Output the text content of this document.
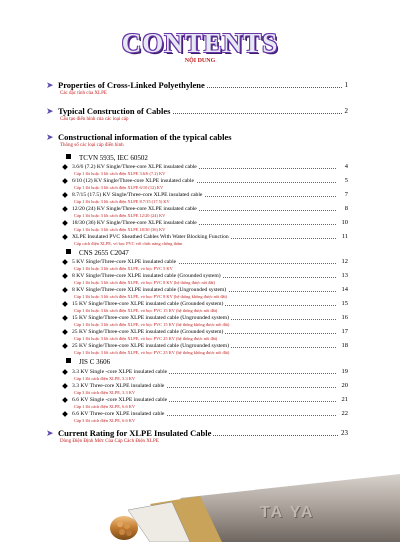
CONTENTS
NỘI DUNG
➤ Properties of Cross-Linked Polyethylene	1
Các đặc tính của XLPE
➤ Typical Construction of Cables	2
Cấu tạo điển hình của các loại cáp
➤ Constructional information of the typical cables
Thông số các loại cáp điển hình
TCVN 5935, IEC 60502
3.6/6 (7.2) KV Single/Three-core XLPE insulated cable	4
Cáp 1 lõi hoặc 3 lõi cách điện XLPE 3.6/6 (7.2) KV
6/10 (12) KV Single/Three-core XLPE insulated cable	5
Cáp 1 lõi hoặc 3 lõi cách điện XLPE 6/10 (12) KV
8.7/15 (17.5) KV Single/Three-core XLPE insulated cable	7
Cáp 1 lõi hoặc 3 lõi cách điện XLPE 8.7/15 (17.5) KV
12/20 (24) KV Single/Three-core XLPE insulated cable	8
Cáp 1 lõi hoặc 3 lõi cách điện XLPE 12/20 (24) KV
18/30 (36) KV Single/Three-core XLPE insulated cable	10
Cáp 1 lõi hoặc 3 lõi cách điện XLPE 18/30 (36) KV
XLPE Insulated PVC Sheathed Cables With Water Blocking Function	11
Cáp cách điện XLPE, vỏ bọc PVC với chức năng chống thấm
CNS 2655 C2047
5 KV Single/Three-core XLPE insulated cable	12
Cáp 1 lõi hoặc 3 lõi cách điện XLPE, vỏ bọc PVC 5 KV
8 KV Single/Three-core XLPE insulated cable (Grounded system)	13
Cáp 1 lõi hoặc 3 lõi cách điện XLPE, vỏ bọc PVC 8 KV (hệ thống được nối đất)
8 KV Single/Three-core XLPE insulated cable (Ungrounded system)	14
Cáp 1 lõi hoặc 3 lõi cách điện XLPE, vỏ bọc PVC 8 KV (hệ thống không được nối đất)
15 KV Single/Three-core XLPE insulated cable (Grounded system)	15
Cáp 1 lõi hoặc 3 lõi cách điện XLPE, vỏ bọc PVC 15 KV (hệ thống được nối đất)
15 KV Single/Three-core XLPE insulated cable (Ungrounded system)	16
Cáp 1 lõi hoặc 3 lõi cách điện XLPE, vỏ bọc PVC 15 KV (hệ thống không được nối đất)
25 KV Single/Three-core XLPE insulated cable (Grounded system)	17
Cáp 1 lõi hoặc 3 lõi cách điện XLPE, vỏ bọc PVC 25 KV (hệ thống được nối đất)
25 KV Single/Three-core XLPE insulated cable (Ungrounded system)	18
Cáp 1 lõi hoặc 3 lõi cách điện XLPE, vỏ bọc PVC 25 KV (hệ thống không được nối đất)
JIS C 3606
3.3 KV Single -core XLPE insulated cable	19
Cáp 1 lõi cách điện XLPE, 3.3 KV
3.3 KV Three-core XLPE insulated cable	20
Cáp 3 lõi cách điện XLPE, 3.3 KV
6.6 KV Single -core XLPE insulated cable	21
Cáp 1 lõi cách điện XLPE, 6.6 KV
6.6 KV Three-core XLPE insulated cable	22
Cáp 3 lõi cách điện XLPE, 6.6 KV
➤ Current Rating for XLPE Insulated Cable	23
Dòng Điện Định Mức Của Cáp Cách Điện XLPE
TA YA
